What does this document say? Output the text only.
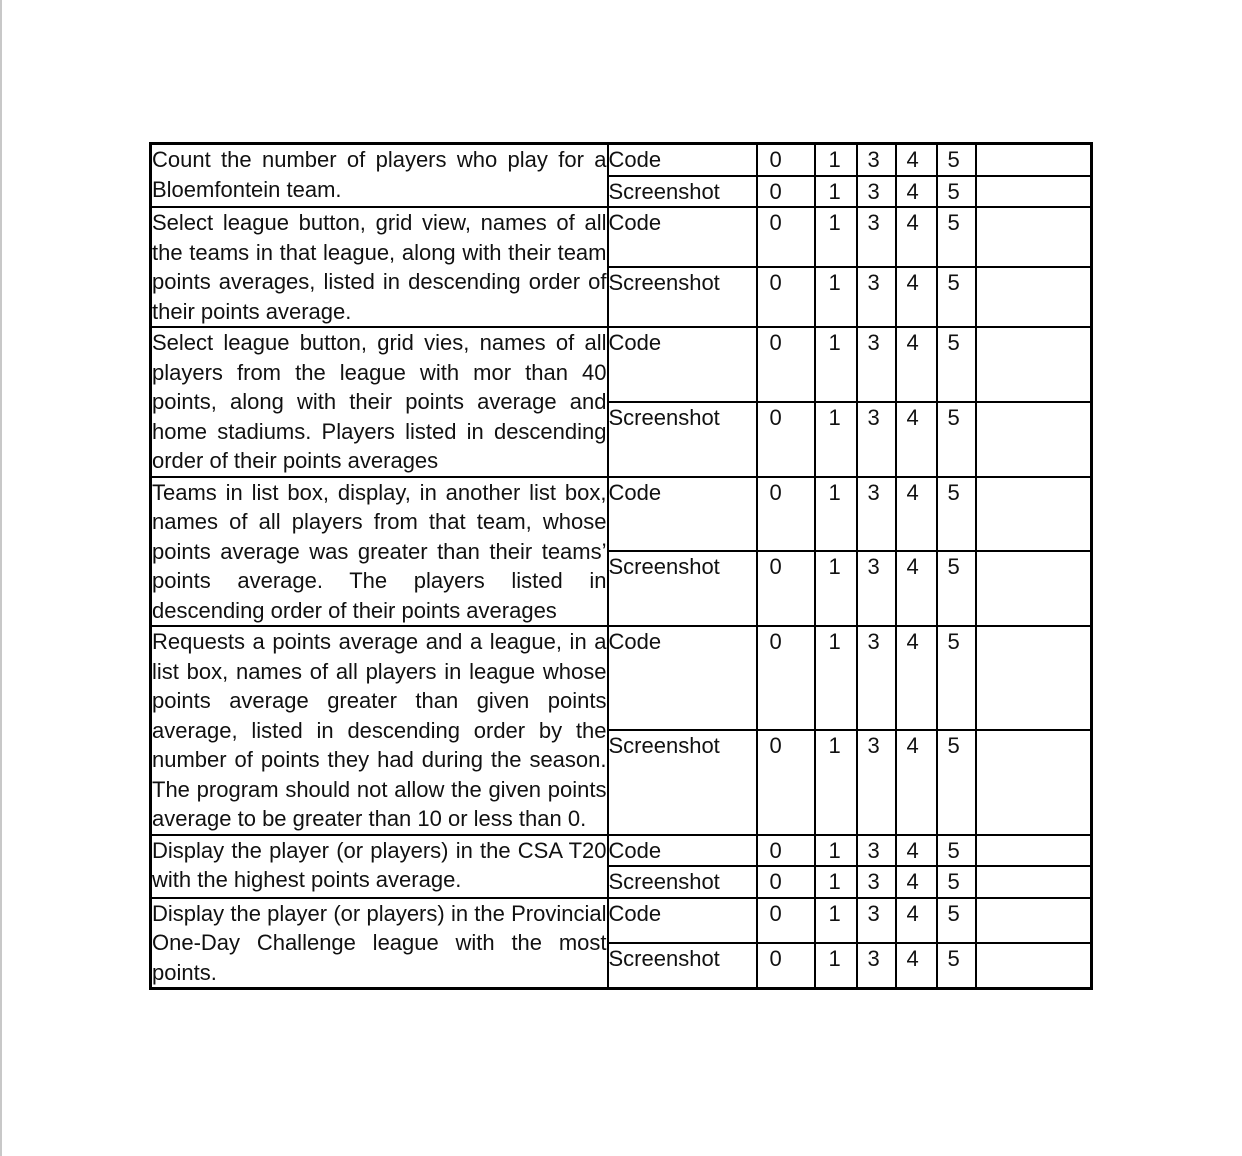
Count the number of players who play for a Bloemfontein team.	Code	0	1	3	4	5	
	Screenshot	0	1	3	4	5	

Select league button, grid view, names of all the teams in that league, along with their team points averages, listed in descending order of their points average.	Code	0	1	3	4	5	
	Screenshot	0	1	3	4	5	

Select league button, grid vies, names of all players from the league with mor than 40 points, along with their points average and home stadiums. Players listed in descending order of their points averages	Code	0	1	3	4	5	
	Screenshot	0	1	3	4	5	

Teams in list box, display, in another list box, names of all players from that team, whose points average was greater than their teams’ points average. The players listed in descending order of their points averages	Code	0	1	3	4	5	
	Screenshot	0	1	3	4	5	

Requests a points average and a league, in a list box, names of all players in league whose points average greater than given points average, listed in descending order by the number of points they had during the season. The program should not allow the given points average to be greater than 10 or less than 0.	Code	0	1	3	4	5	
	Screenshot	0	1	3	4	5	

Display the player (or players) in the CSA T20 with the highest points average.	Code	0	1	3	4	5	
	Screenshot	0	1	3	4	5	

Display the player (or players) in the Provincial One-Day Challenge league with the most points.	Code	0	1	3	4	5	
	Screenshot	0	1	3	4	5	
